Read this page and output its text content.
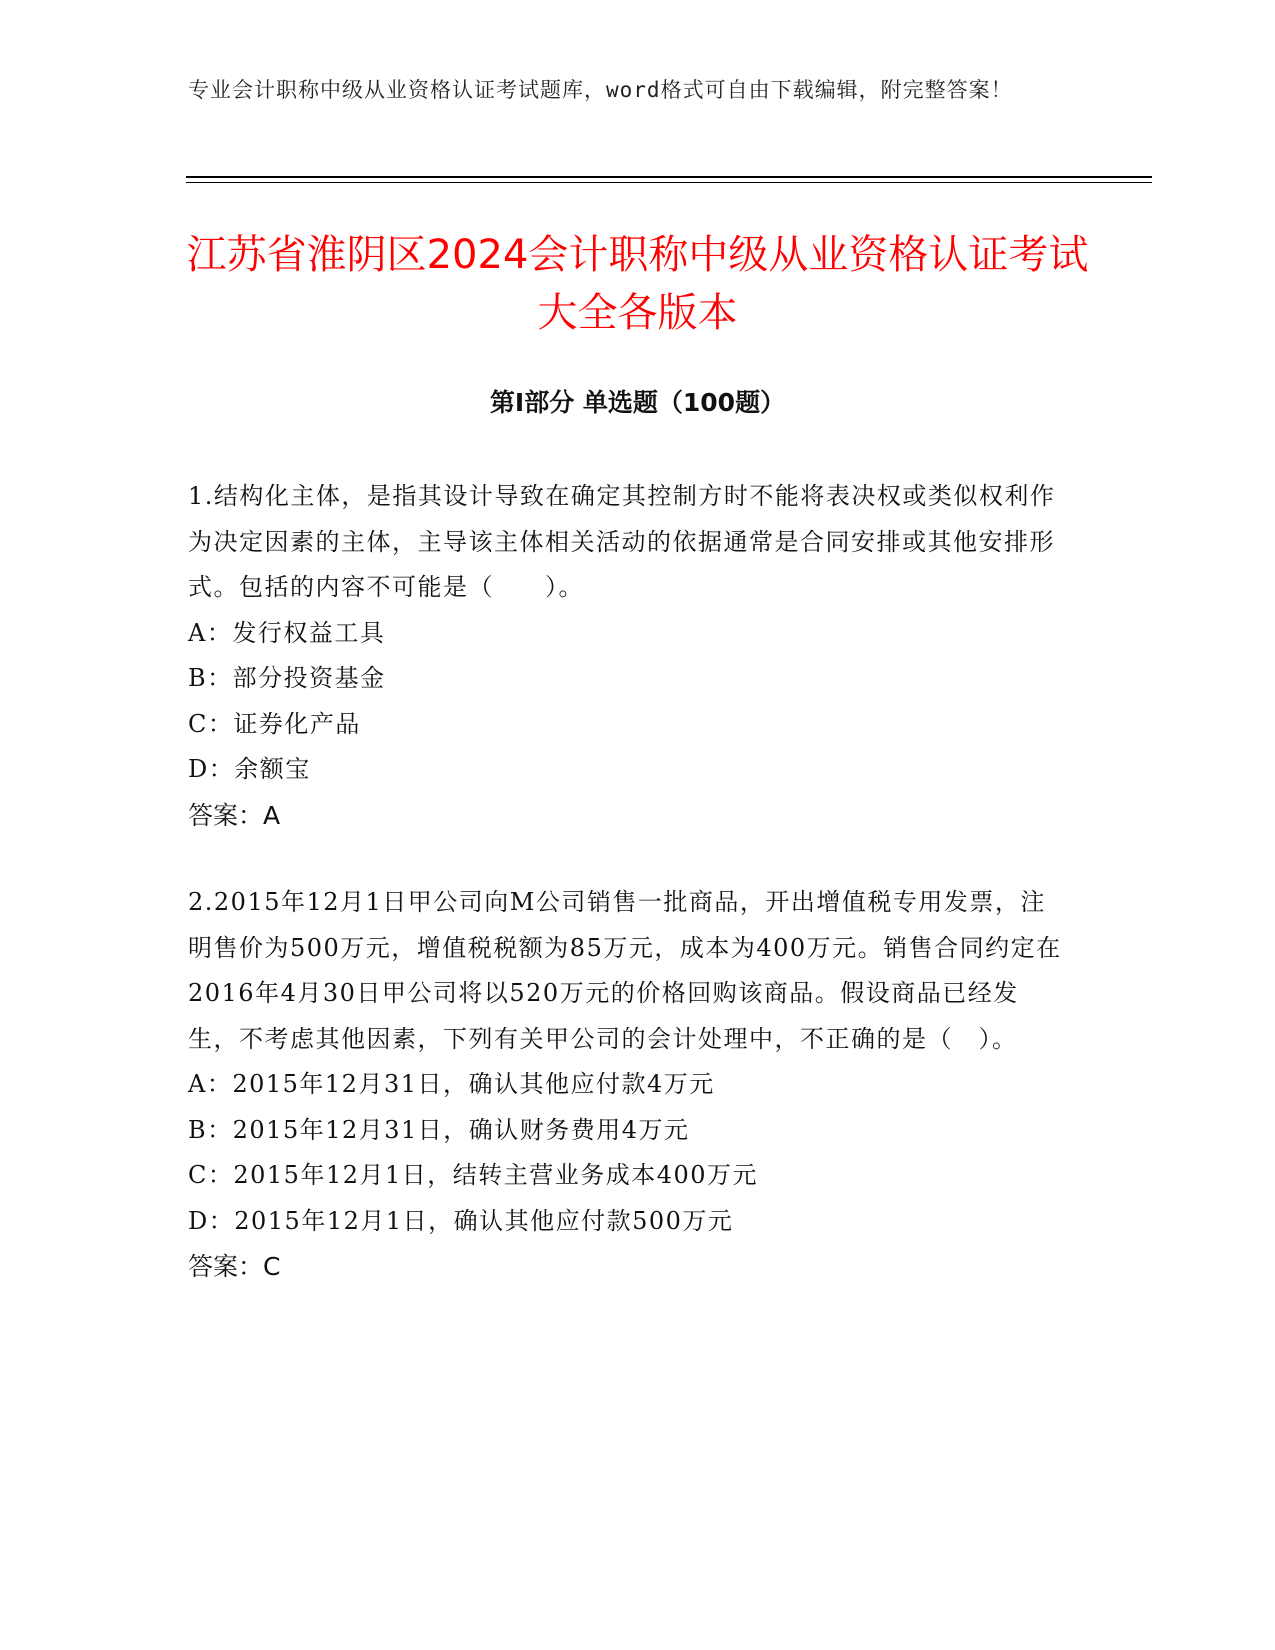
专业会计职称中级从业资格认证考试题库，word格式可自由下载编辑，附完整答案！
江苏省淮阴区2024会计职称中级从业资格认证考试大全各版本
第I部分 单选题（100题）

1.结构化主体，是指其设计导致在确定其控制方时不能将表决权或类似权利作为决定因素的主体，主导该主体相关活动的依据通常是合同安排或其他安排形式。包括的内容不可能是（　　）。

A：发行权益工具

B：部分投资基金

C：证券化产品

D：余额宝

答案：A

2.2015年12月1日甲公司向M公司销售一批商品，开出增值税专用发票，注明售价为500万元，增值税税额为85万元，成本为400万元。销售合同约定在2016年4月30日甲公司将以520万元的价格回购该商品。假设商品已经发生，不考虑其他因素，下列有关甲公司的会计处理中，不正确的是（　）。

A：2015年12月31日，确认其他应付款4万元

B：2015年12月31日，确认财务费用4万元

C：2015年12月1日，结转主营业务成本400万元

D：2015年12月1日，确认其他应付款500万元

答案：C
